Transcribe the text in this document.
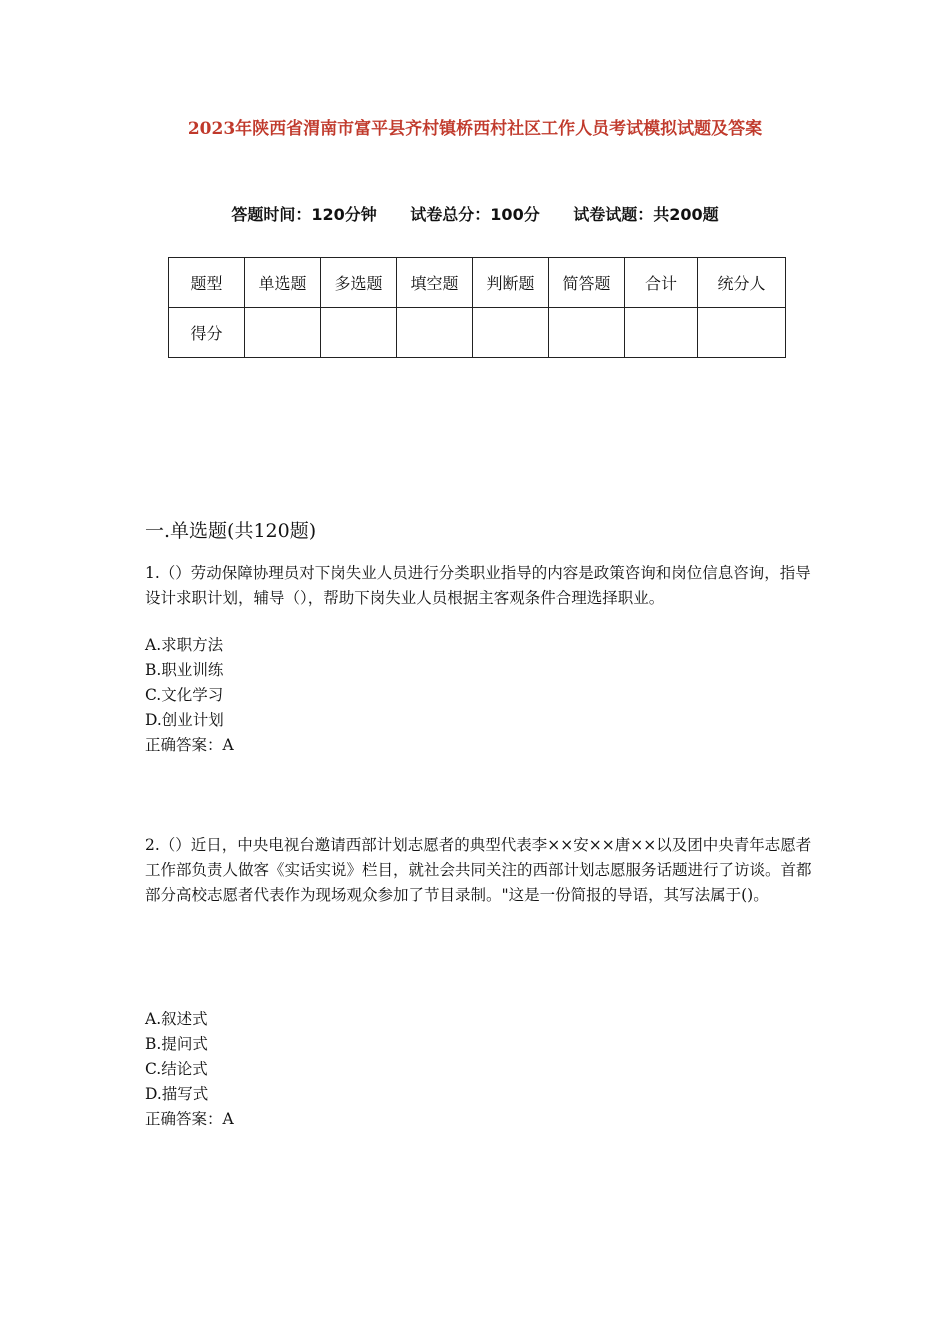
2023年陕西省渭南市富平县齐村镇桥西村社区工作人员考试模拟试题及答案
答题时间：120分钟 试卷总分：100分 试卷试题：共200题
题型	单选题	多选题	填空题	判断题	简答题	合计	统分人
得分							
一.单选题(共120题)
1.（）劳动保障协理员对下岗失业人员进行分类职业指导的内容是政策咨询和岗位信息咨询，指导设计求职计划，辅导（），帮助下岗失业人员根据主客观条件合理选择职业。
A.求职方法
B.职业训练
C.文化学习
D.创业计划
正确答案：A
2.（）近日，中央电视台邀请西部计划志愿者的典型代表李××安××唐××以及团中央青年志愿者工作部负责人做客《实话实说》栏目，就社会共同关注的西部计划志愿服务话题进行了访谈。首都部分高校志愿者代表作为现场观众参加了节目录制。"这是一份简报的导语，其写法属于()。
A.叙述式
B.提问式
C.结论式
D.描写式
正确答案：A
